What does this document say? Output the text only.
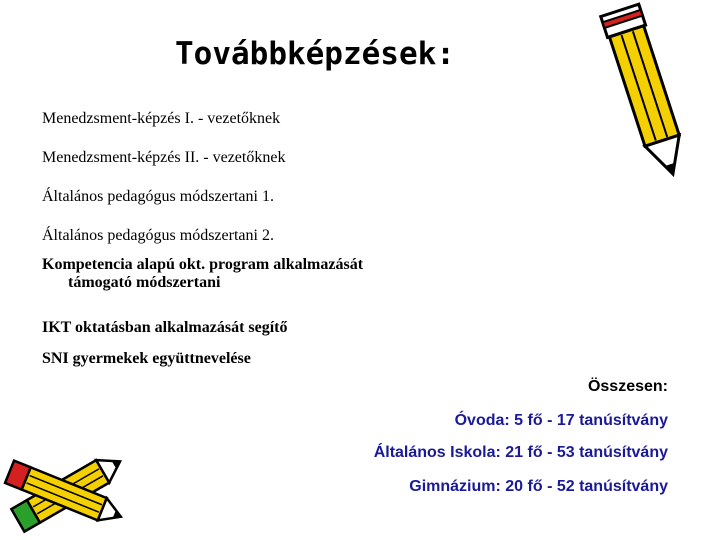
Továbbképzések:
Menedzsment-képzés I. - vezetőknek
Menedzsment-képzés II. - vezetőknek
Általános pedagógus módszertani 1.
Általános pedagógus módszertani 2.
Kompetencia alapú okt. program alkalmazását
támogató módszertani
IKT oktatásban alkalmazását segítő
SNI gyermekek együttnevelése
Összesen:
Óvoda: 5 fő - 17 tanúsítvány
Általános Iskola: 21 fő - 53 tanúsítvány
Gimnázium: 20 fő - 52 tanúsítvány
